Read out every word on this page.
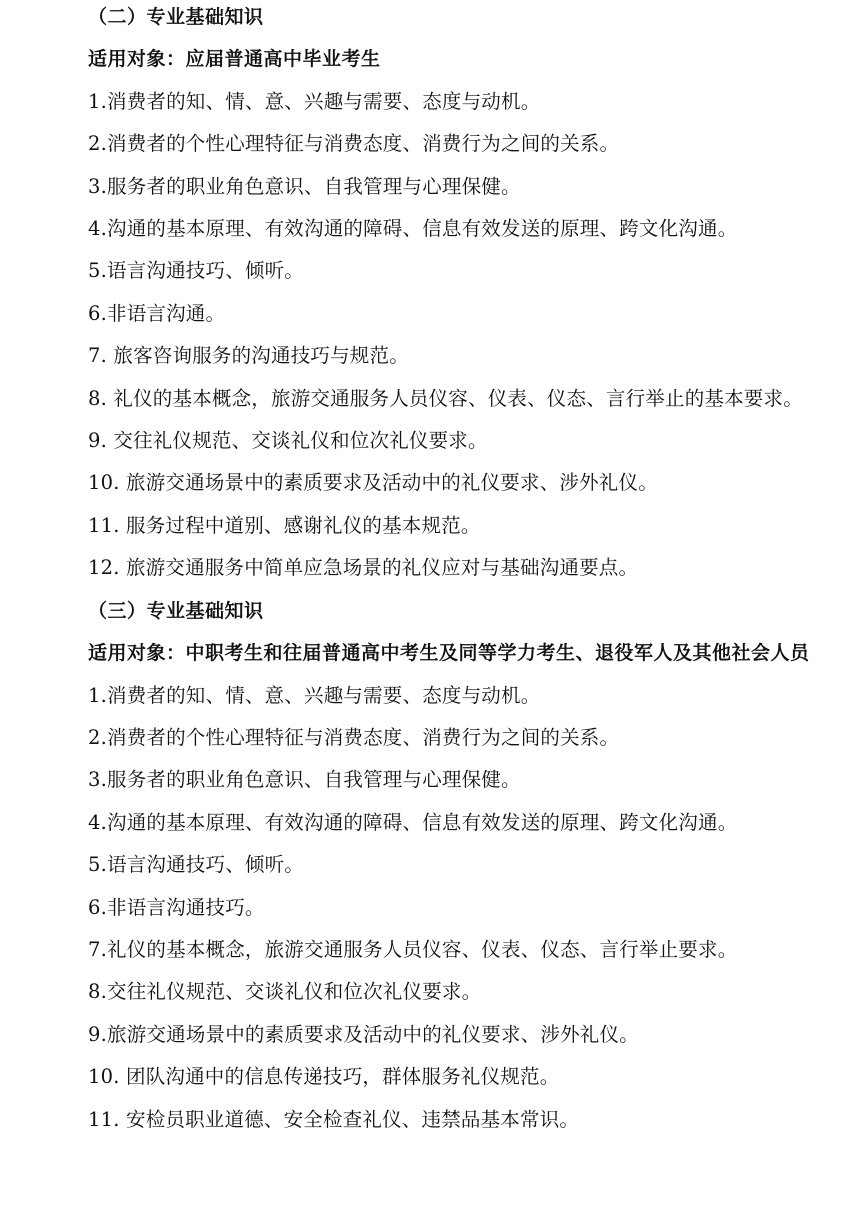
（二）专业基础知识

适用对象：应届普通高中毕业考生

1.消费者的知、情、意、兴趣与需要、态度与动机。

2.消费者的个性心理特征与消费态度、消费行为之间的关系。

3.服务者的职业角色意识、自我管理与心理保健。

4.沟通的基本原理、有效沟通的障碍、信息有效发送的原理、跨文化沟通。

5.语言沟通技巧、倾听。

6.非语言沟通。

7. 旅客咨询服务的沟通技巧与规范。

8. 礼仪的基本概念，旅游交通服务人员仪容、仪表、仪态、言行举止的基本要求。

9. 交往礼仪规范、交谈礼仪和位次礼仪要求。

10. 旅游交通场景中的素质要求及活动中的礼仪要求、涉外礼仪。

11. 服务过程中道别、感谢礼仪的基本规范。

12. 旅游交通服务中简单应急场景的礼仪应对与基础沟通要点。

（三）专业基础知识

适用对象：中职考生和往届普通高中考生及同等学力考生、退役军人及其他社会人员

1.消费者的知、情、意、兴趣与需要、态度与动机。

2.消费者的个性心理特征与消费态度、消费行为之间的关系。

3.服务者的职业角色意识、自我管理与心理保健。

4.沟通的基本原理、有效沟通的障碍、信息有效发送的原理、跨文化沟通。

5.语言沟通技巧、倾听。

6.非语言沟通技巧。

7.礼仪的基本概念，旅游交通服务人员仪容、仪表、仪态、言行举止要求。

8.交往礼仪规范、交谈礼仪和位次礼仪要求。

9.旅游交通场景中的素质要求及活动中的礼仪要求、涉外礼仪。

10. 团队沟通中的信息传递技巧，群体服务礼仪规范。

11. 安检员职业道德、安全检查礼仪、违禁品基本常识。
